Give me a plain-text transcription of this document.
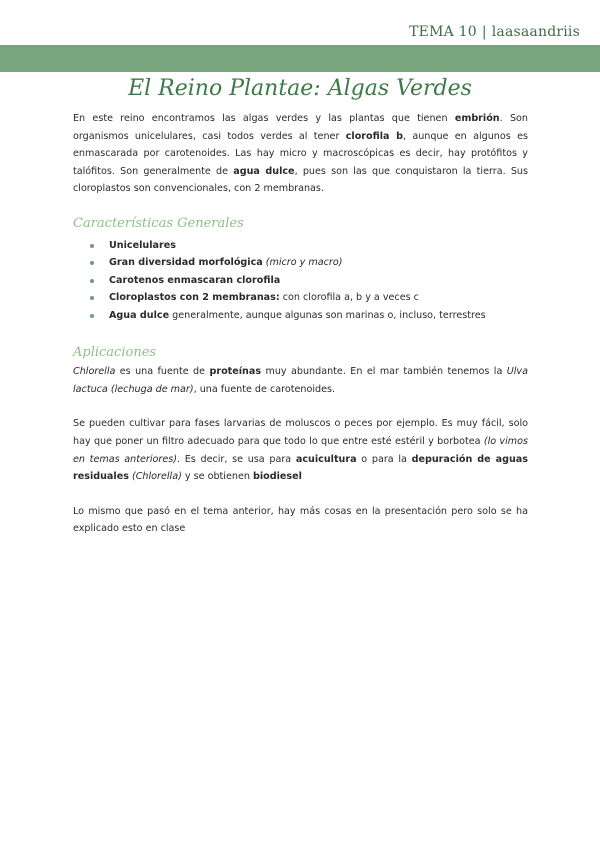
TEMA 10 | laasaandriis
El Reino Plantae: Algas Verdes

En este reino encontramos las algas verdes y las plantas que tienen embrión. Son organismos unicelulares, casi todos verdes al tener clorofila b, aunque en algunos es enmascarada por carotenoides. Las hay micro y macroscópicas es decir, hay protófitos y talófitos. Son generalmente de agua dulce, pues son las que conquistaron la tierra. Sus cloroplastos son convencionales, con 2 membranas.

Características Generales
Unicelulares
Gran diversidad morfológica (micro y macro)
Carotenos enmascaran clorofila
Cloroplastos con 2 membranas: con clorofila a, b y a veces c
Agua dulce generalmente, aunque algunas son marinas o, incluso, terrestres
Aplicaciones

Chlorella es una fuente de proteínas muy abundante. En el mar también tenemos la Ulva lactuca (lechuga de mar), una fuente de carotenoides.

Se pueden cultivar para fases larvarias de moluscos o peces por ejemplo. Es muy fácil, solo hay que poner un filtro adecuado para que todo lo que entre esté estéril y borbotea (lo vimos en temas anteriores). Es decir, se usa para acuicultura o para la depuración de aguas residuales (Chlorella) y se obtienen biodiesel

Lo mismo que pasó en el tema anterior, hay más cosas en la presentación pero solo se ha explicado esto en clase
